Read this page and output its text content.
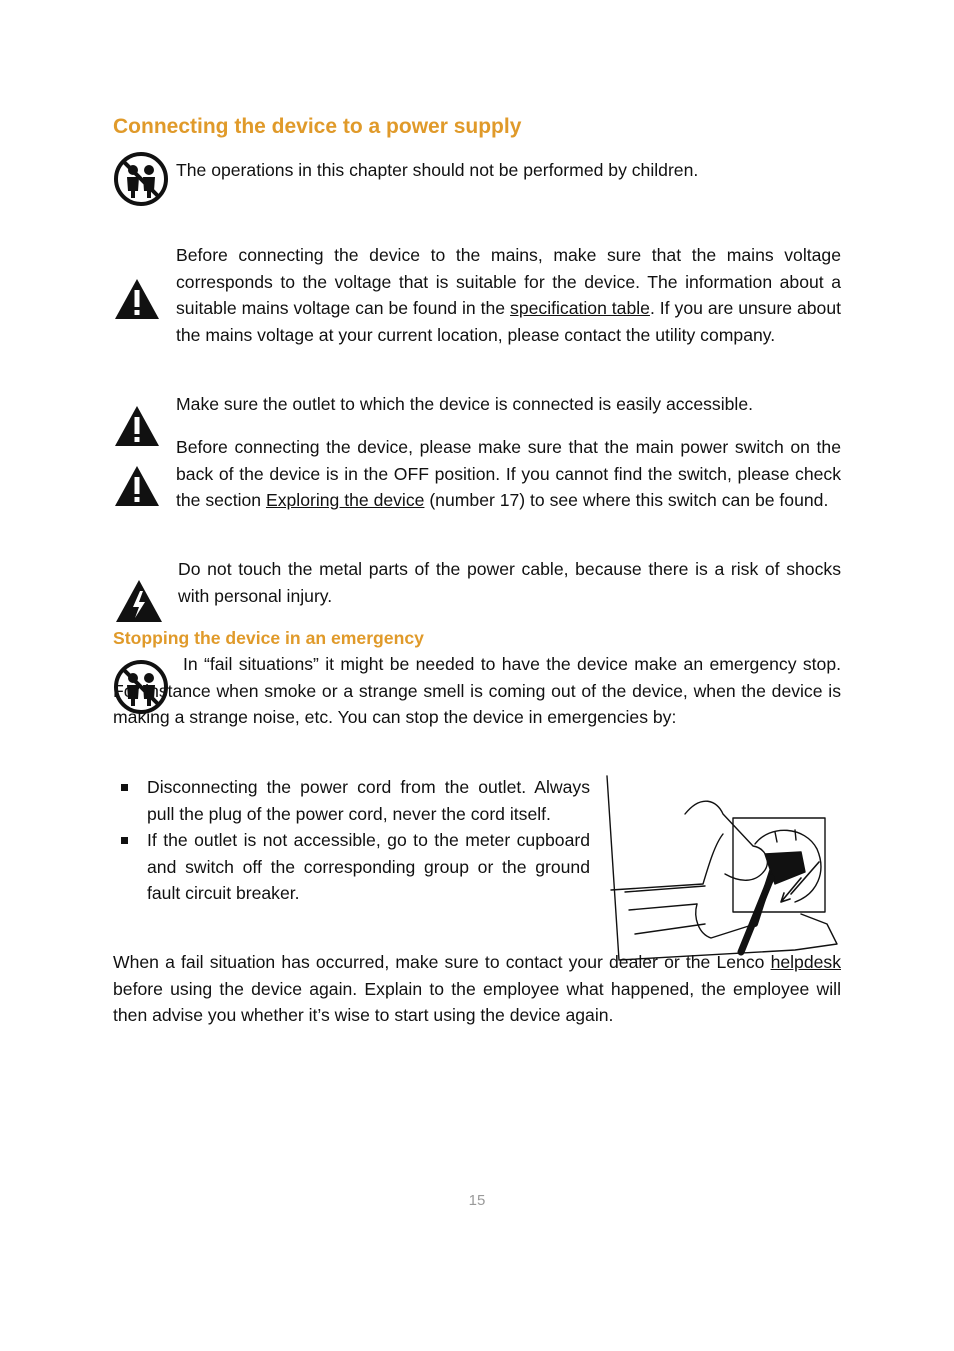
Connecting the device to a power supply
The operations in this chapter should not be performed by children.
Before connecting the device to the mains, make sure that the mains voltage corresponds to the voltage that is suitable for the device. The information about a suitable mains voltage can be found in the specification table. If you are unsure about the mains voltage at your current location, please contact the utility company.
Make sure the outlet to which the device is connected is easily accessible.
Before connecting the device, please make sure that the main power switch on the back of the device is in the OFF position. If you cannot find the switch, please check the section Exploring the device (number 17) to see where this switch can be found.
Do not touch the metal parts of the power cable, because there is a risk of shocks with personal injury.
Stopping the device in an emergency
In “fail situations” it might be needed to have the device make an emergency stop. For instance when smoke or a strange smell is coming out of the device, when the device is making a strange noise, etc. You can stop the device in emergencies by:
Disconnecting the power cord from the outlet. Always pull the plug of the power cord, never the cord itself.
If the outlet is not accessible, go to the meter cupboard and switch off the corresponding group or the ground fault circuit breaker.
When a fail situation has occurred, make sure to contact your dealer or the Lenco helpdesk before using the device again. Explain to the employee what happened, the employee will then advise you whether it’s wise to start using the device again.
15
